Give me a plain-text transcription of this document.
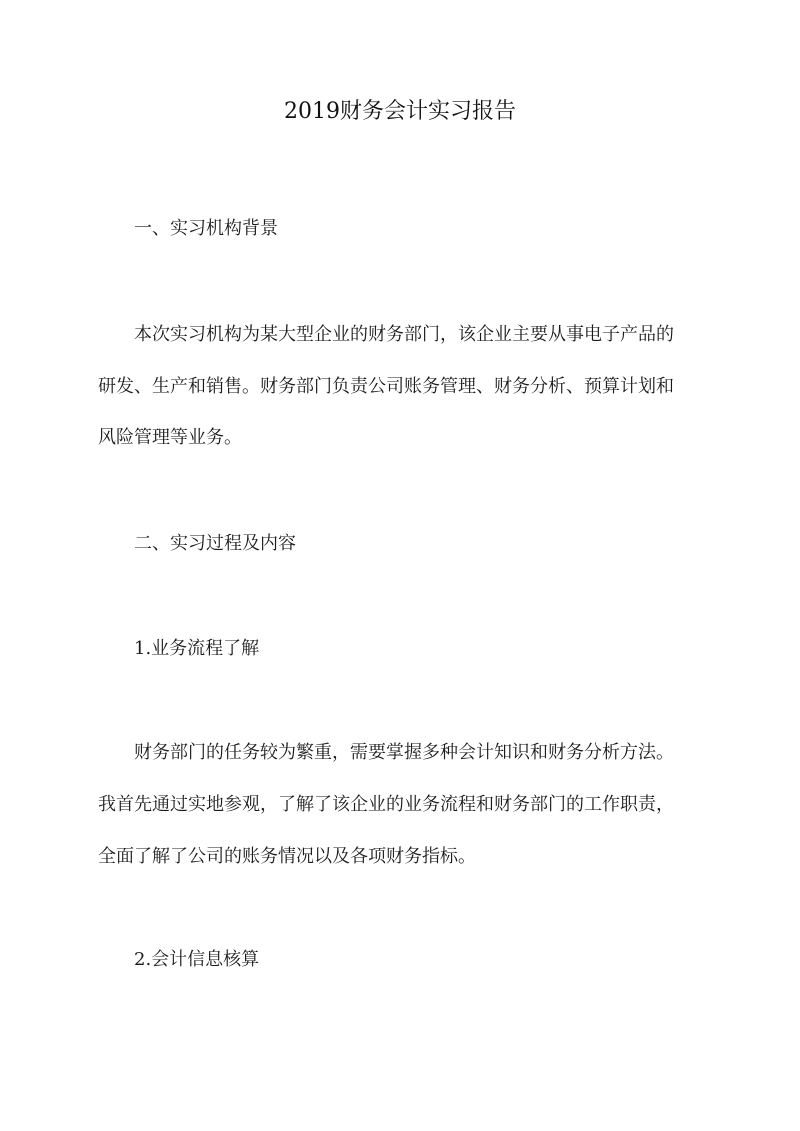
2019财务会计实习报告

一、实习机构背景

本次实习机构为某大型企业的财务部门，该企业主要从事电子产品的

研发、生产和销售。财务部门负责公司账务管理、财务分析、预算计划和

风险管理等业务。

二、实习过程及内容

1.业务流程了解

财务部门的任务较为繁重，需要掌握多种会计知识和财务分析方法。

我首先通过实地参观，了解了该企业的业务流程和财务部门的工作职责，

全面了解了公司的账务情况以及各项财务指标。

2.会计信息核算
